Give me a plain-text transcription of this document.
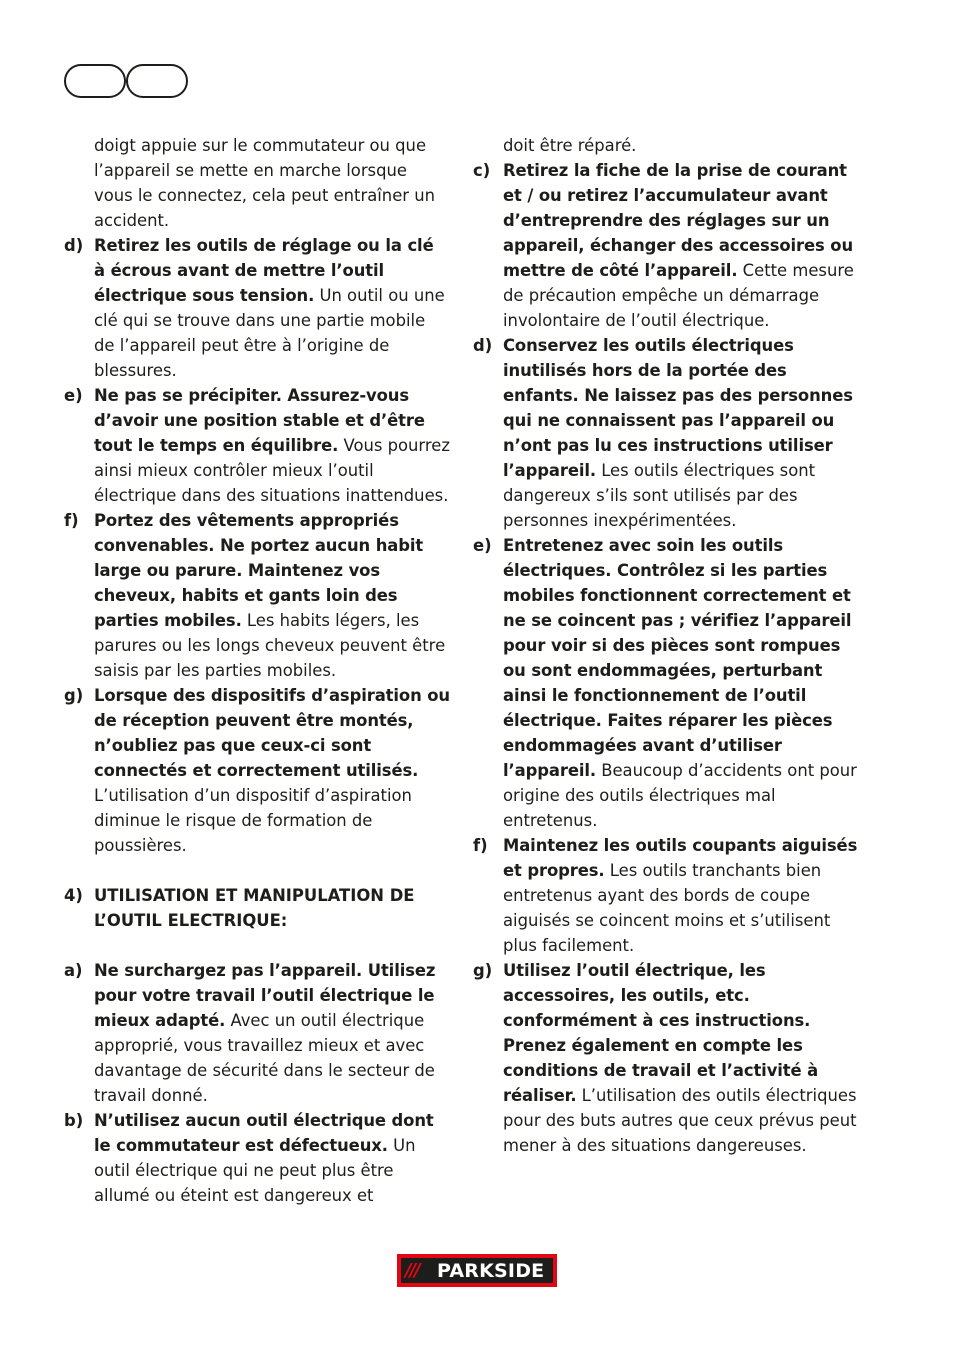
doigt appuie sur le commutateur ou que l’appareil se mette en marche lorsque vous le connectez, cela peut entraîner un accident.
d) Retirez les outils de réglage ou la clé à écrous avant de mettre l’outil électrique sous tension. Un outil ou une clé qui se trouve dans une partie mobile de l’appareil peut être à l’origine de blessures.
e) Ne pas se précipiter. Assurez-vous d’avoir une position stable et d’être tout le temps en équilibre. Vous pourrez ainsi mieux contrôler mieux l’outil électrique dans des situations inattendues.
f) Portez des vêtements appropriés convenables. Ne portez aucun habit large ou parure. Maintenez vos cheveux, habits et gants loin des parties mobiles. Les habits légers, les parures ou les longs cheveux peuvent être saisis par les parties mobiles.
g) Lorsque des dispositifs d’aspiration ou de réception peuvent être montés, n’oubliez pas que ceux-ci sont connectés et correctement utilisés. L’utilisation d’un dispositif d’aspiration diminue le risque de formation de poussières.
4) UTILISATION ET MANIPULATION DE L’OUTIL ELECTRIQUE:
a) Ne surchargez pas l’appareil. Utilisez pour votre travail l’outil électrique le mieux adapté. Avec un outil électrique approprié, vous travaillez mieux et avec davantage de sécurité dans le secteur de travail donné.
b) N’utilisez aucun outil électrique dont le commutateur est défectueux. Un outil électrique qui ne peut plus être allumé ou éteint est dangereux et
doit être réparé.
c) Retirez la fiche de la prise de courant et / ou retirez l’accumulateur avant d’entreprendre des réglages sur un appareil, échanger des accessoires ou mettre de côté l’appareil. Cette mesure de précaution empêche un démarrage involontaire de l’outil électrique.
d) Conservez les outils électriques inutilisés hors de la portée des enfants. Ne laissez pas des personnes qui ne connaissent pas l’appareil ou n’ont pas lu ces instructions utiliser l’appareil. Les outils électriques sont dangereux s’ils sont utilisés par des personnes inexpérimentées.
e) Entretenez avec soin les outils électriques. Contrôlez si les parties mobiles fonctionnent correctement et ne se coincent pas ; vérifiez l’appareil pour voir si des pièces sont rompues ou sont endommagées, perturbant ainsi le fonctionnement de l’outil électrique. Faites réparer les pièces endommagées avant d’utiliser l’appareil. Beaucoup d’accidents ont pour origine des outils électriques mal entretenus.
f) Maintenez les outils coupants aiguisés et propres. Les outils tranchants bien entretenus ayant des bords de coupe aiguisés se coincent moins et s’utilisent plus facilement.
g) Utilisez l’outil électrique, les accessoires, les outils, etc. conformément à ces instructions. Prenez également en compte les conditions de travail et l’activité à réaliser. L’utilisation des outils électriques pour des buts autres que ceux prévus peut mener à des situations dangereuses.
/// PARKSIDE
